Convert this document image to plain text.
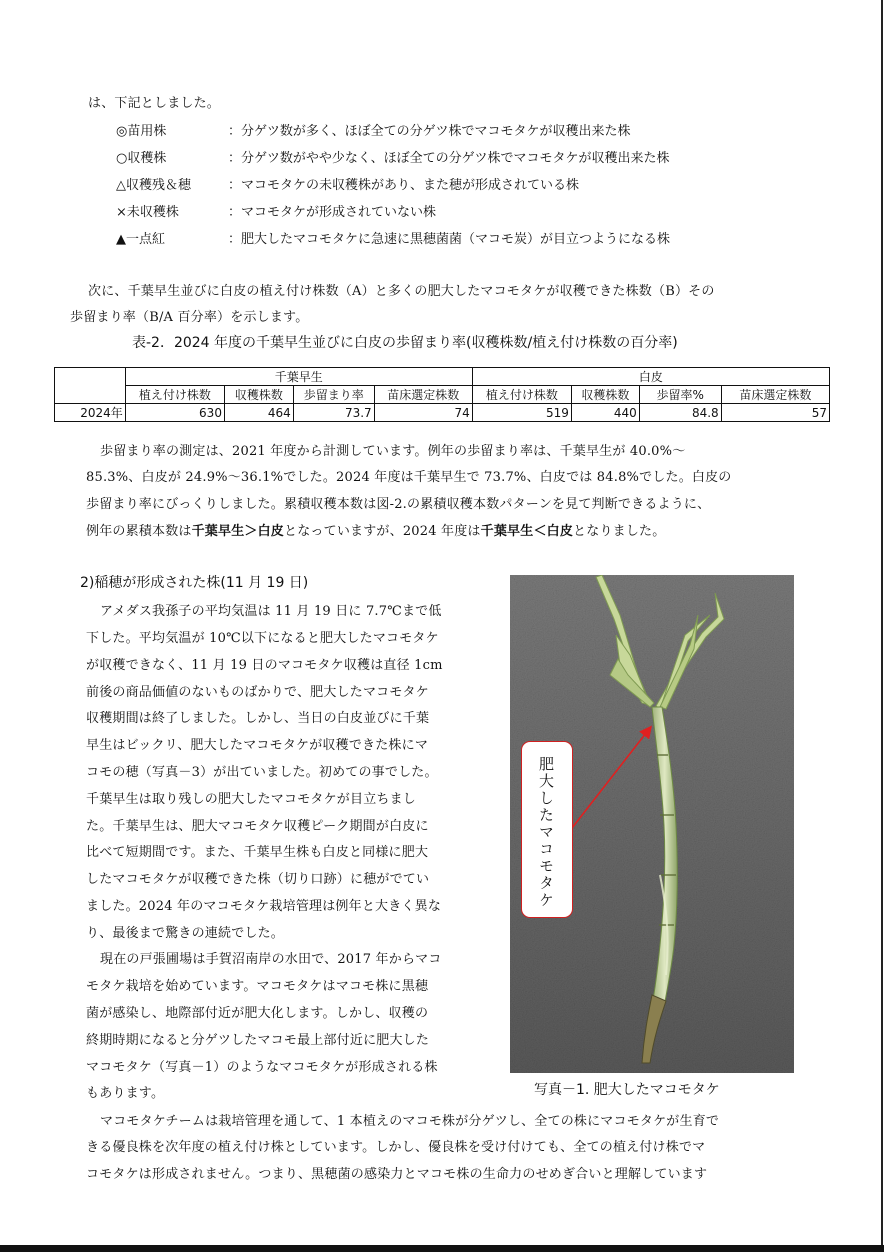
は、下記としました。
◎苗用株	：分ゲツ数が多く、ほぼ全ての分ゲツ株でマコモタケが収穫出来た株
○収穫株	：分ゲツ数がやや少なく、ほぼ全ての分ゲツ株でマコモタケが収穫出来た株
△収穫残＆穂	：マコモタケの未収穫株があり、また穂が形成されている株
×未収穫株	：マコモタケが形成されていない株
▲一点紅	：肥大したマコモタケに急速に黒穂菌菌（マコモ炭）が目立つようになる株
次に、千葉早生並びに白皮の植え付け株数（A）と多くの肥大したマコモタケが収穫できた株数（B）その
歩留まり率（B/A 百分率）を示します。
表-2．2024 年度の千葉早生並びに白皮の歩留まり率(収穫株数/植え付け株数の百分率)
	千葉早生				白皮			
	植え付け株数	収穫株数	歩留まり率	苗床選定株数	植え付け株数	収穫株数	歩留率%	苗床選定株数
2024年	630	464	73.7	74	519	440	84.8	57
歩留まり率の測定は、2021 年度から計測しています。例年の歩留まり率は、千葉早生が 40.0%～
85.3%、白皮が 24.9%～36.1%でした。2024 年度は千葉早生で 73.7%、白皮では 84.8%でした。白皮の
歩留まり率にびっくりしました。累積収穫本数は図-2.の累積収穫本数パターンを見て判断できるように、
例年の累積本数は千葉早生＞白皮となっていますが、2024 年度は千葉早生＜白皮となりました。
2)稲穂が形成された株(11 月 19 日)
アメダス我孫子の平均気温は 11 月 19 日に 7.7℃まで低
下した。平均気温が 10℃以下になると肥大したマコモタケ
が収穫できなく、11 月 19 日のマコモタケ収穫は直径 1cm
前後の商品価値のないものばかりで、肥大したマコモタケ
収穫期間は終了しました。しかし、当日の白皮並びに千葉
早生はビックリ、肥大したマコモタケが収穫できた株にマ
コモの穂（写真－3）が出ていました。初めての事でした。
千葉早生は取り残しの肥大したマコモタケが目立ちまし
た。千葉早生は、肥大マコモタケ収穫ピーク期間が白皮に
比べて短期間です。また、千葉早生株も白皮と同様に肥大
したマコモタケが収穫できた株（切り口跡）に穂がでてい
ました。2024 年のマコモタケ栽培管理は例年と大きく異な
り、最後まで驚きの連続でした。
現在の戸張圃場は手賀沼南岸の水田で、2017 年からマコ
モタケ栽培を始めています。マコモタケはマコモ株に黒穂
菌が感染し、地際部付近が肥大化します。しかし、収穫の
終期時期になると分ゲツしたマコモ最上部付近に肥大した
マコモタケ（写真－1）のようなマコモタケが形成される株
もあります。
肥大したマコモタケ
写真－1. 肥大したマコモタケ
マコモタケチームは栽培管理を通して、1 本植えのマコモ株が分ゲツし、全ての株にマコモタケが生育で
きる優良株を次年度の植え付け株としています。しかし、優良株を受け付けても、全ての植え付け株でマ
コモタケは形成されません。つまり、黒穂菌の感染力とマコモ株の生命力のせめぎ合いと理解しています
